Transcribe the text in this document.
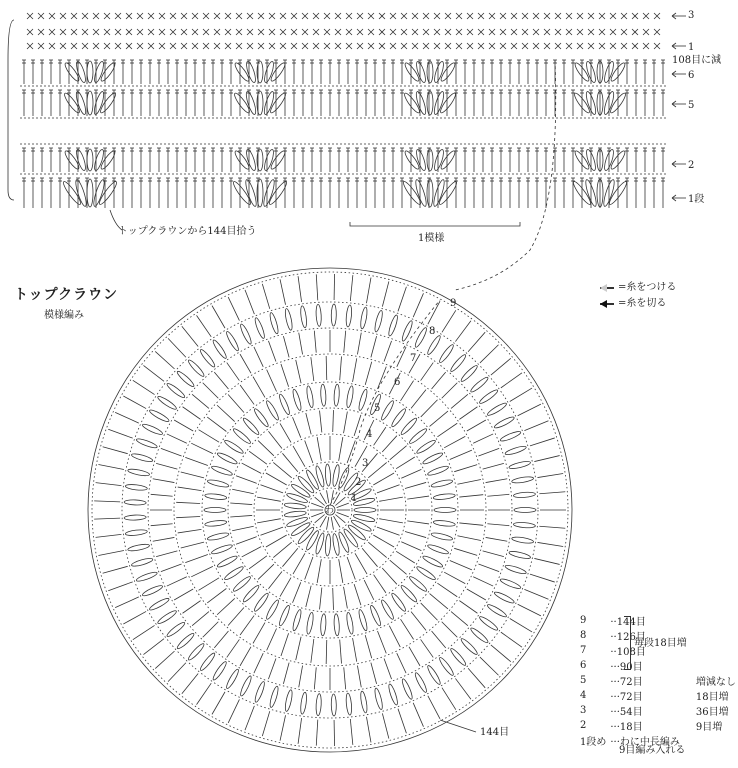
3
1
108目に減
6
5
2
1段
トップクラウンから144目拾う
1模様
トップクラウン
模様編み
1
2
3
4
5
6
7
8
9
わ
144目
=糸をつける
=糸を切る
9	··144目	
8	··126目	
7	··108目	
6	···90目	
5	···72目	増減なし
4	···72目	18目増
3	···54目	36目増
2	···18目	9目増
1段め	···わに中長編み	
毎段18目増
9目編み入れる
